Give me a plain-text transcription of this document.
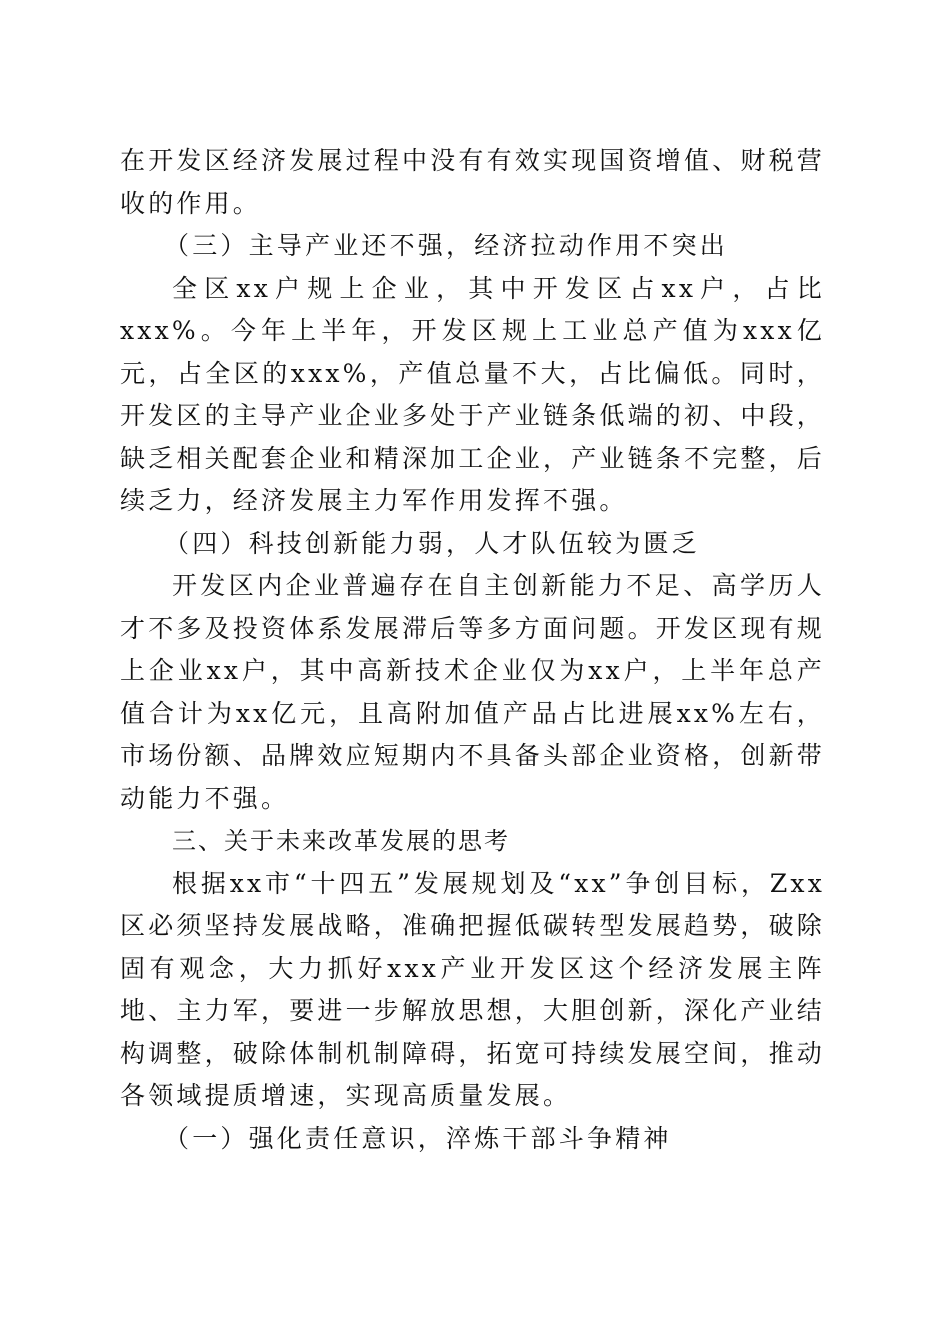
在开发区经济发展过程中没有有效实现国资增值、财税营收的作用。

（三）主导产业还不强，经济拉动作用不突出

全区xx户规上企业，其中开发区占xx户，占比xxx%。今年上半年，开发区规上工业总产值为xxx亿元，占全区的xxx%，产值总量不大，占比偏低。同时，开发区的主导产业企业多处于产业链条低端的初、中段，缺乏相关配套企业和精深加工企业，产业链条不完整，后续乏力，经济发展主力军作用发挥不强。

（四）科技创新能力弱，人才队伍较为匮乏

开发区内企业普遍存在自主创新能力不足、高学历人才不多及投资体系发展滞后等多方面问题。开发区现有规上企业xx户，其中高新技术企业仅为xx户，上半年总产值合计为xx亿元，且高附加值产品占比进展xx%左右，市场份额、品牌效应短期内不具备头部企业资格，创新带动能力不强。

三、关于未来改革发展的思考

根据xx市“十四五”发展规划及“xx”争创目标，Zxx区必须坚持发展战略，准确把握低碳转型发展趋势，破除固有观念，大力抓好xxx产业开发区这个经济发展主阵地、主力军，要进一步解放思想，大胆创新，深化产业结构调整，破除体制机制障碍，拓宽可持续发展空间，推动各领域提质增速，实现高质量发展。

（一）强化责任意识，淬炼干部斗争精神
